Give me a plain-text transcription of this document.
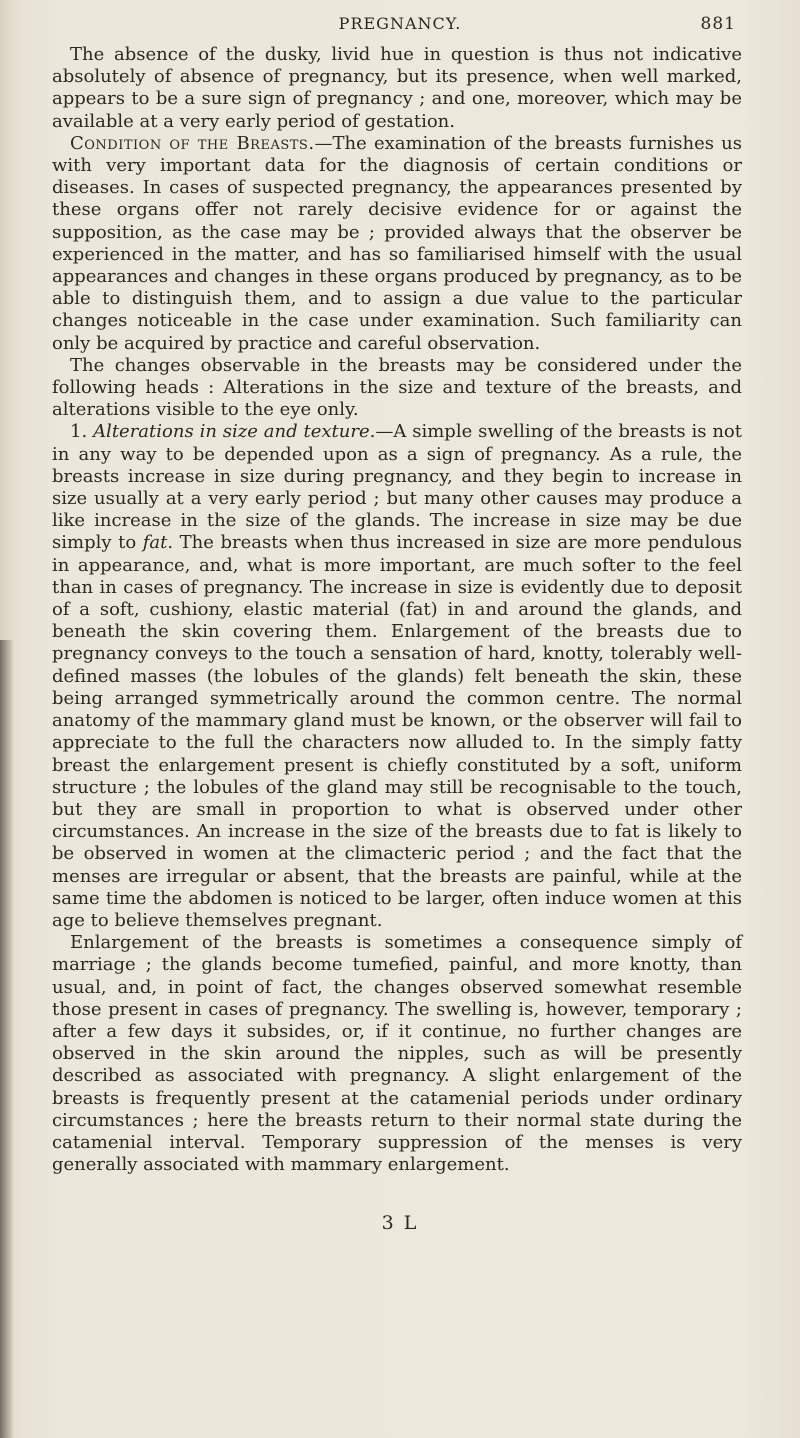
PREGNANCY.	881

The absence of the dusky, livid hue in question is thus not indicative absolutely of absence of pregnancy, but its presence, when well marked, appears to be a sure sign of pregnancy ; and one, moreover, which may be available at a very early period of gestation.

Condition of the Breasts.—The examination of the breasts furnishes us with very important data for the diagnosis of certain conditions or diseases. In cases of suspected pregnancy, the appearances presented by these organs offer not rarely decisive evidence for or against the supposition, as the case may be ; provided always that the observer be experienced in the matter, and has so familiarised himself with the usual appearances and changes in these organs produced by pregnancy, as to be able to distinguish them, and to assign a due value to the particular changes noticeable in the case under examination. Such familiarity can only be acquired by practice and careful observation.

The changes observable in the breasts may be considered under the following heads : Alterations in the size and texture of the breasts, and alterations visible to the eye only.

1. Alterations in size and texture.—A simple swelling of the breasts is not in any way to be depended upon as a sign of pregnancy. As a rule, the breasts increase in size during pregnancy, and they begin to increase in size usually at a very early period ; but many other causes may produce a like increase in the size of the glands. The increase in size may be due simply to fat. The breasts when thus increased in size are more pendulous in appearance, and, what is more important, are much softer to the feel than in cases of pregnancy. The increase in size is evidently due to deposit of a soft, cushiony, elastic material (fat) in and around the glands, and beneath the skin covering them. Enlargement of the breasts due to pregnancy conveys to the touch a sensation of hard, knotty, tolerably well-defined masses (the lobules of the glands) felt beneath the skin, these being arranged symmetrically around the common centre. The normal anatomy of the mammary gland must be known, or the observer will fail to appreciate to the full the characters now alluded to. In the simply fatty breast the enlargement present is chiefly constituted by a soft, uniform structure ; the lobules of the gland may still be recognisable to the touch, but they are small in proportion to what is observed under other circumstances. An increase in the size of the breasts due to fat is likely to be observed in women at the climacteric period ; and the fact that the menses are irregular or absent, that the breasts are painful, while at the same time the abdomen is noticed to be larger, often induce women at this age to believe themselves pregnant.

Enlargement of the breasts is sometimes a consequence simply of marriage ; the glands become tumefied, painful, and more knotty, than usual, and, in point of fact, the changes observed somewhat resemble those present in cases of pregnancy. The swelling is, however, temporary ; after a few days it subsides, or, if it continue, no further changes are observed in the skin around the nipples, such as will be presently described as associated with pregnancy. A slight enlargement of the breasts is frequently present at the catamenial periods under ordinary circumstances ; here the breasts return to their normal state during the catamenial interval. Temporary suppression of the menses is very generally associated with mammary enlargement.

3 L
